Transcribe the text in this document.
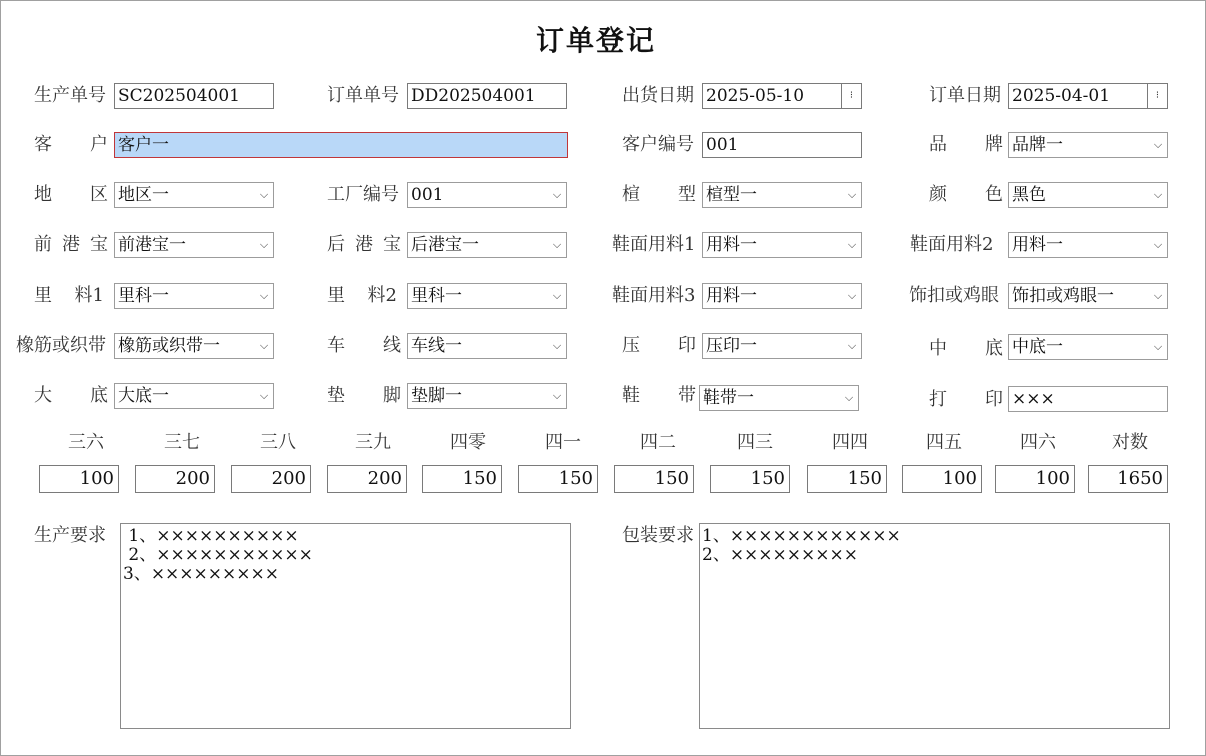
订单登记
生产单号 SC202504001	订单单号 DD202504001	出货日期 2025-05-10	⁝	订单日期 2025-04-01	⁝
客 户 客户一	客户编号 001	品 牌 品牌一	⌵
地 区 地区一	⌵	工厂编号 001	⌵	楦 型 楦型一	⌵	颜 色 黑色	⌵
前 港 宝 前港宝一	⌵	后 港 宝 后港宝一	⌵	鞋面用料1 用料一	⌵	鞋面用料2 用料一	⌵
里 料1 里科一	⌵	里 料2 里科一	⌵	鞋面用料3 用料一	⌵	饰扣或鸡眼 饰扣或鸡眼一	⌵
橡筋或织带 橡筋或织带一	⌵	车 线 车线一	⌵	压 印 压印一	⌵	中 底 中底一	⌵
大 底 大底一	⌵	垫 脚 垫脚一	⌵	鞋 带 鞋带一	⌵	打 印 ×××
三六	三七	三八	三九	四零	四一	四二	四三	四四	四五	四六	对数
100	200	200	200	150	150	150	150	150	100	100	1650
生产要求 1、××××××××××
2、×××××××××××
3、×××××××××
包装要求 1、××××××××××××
2、×××××××××
